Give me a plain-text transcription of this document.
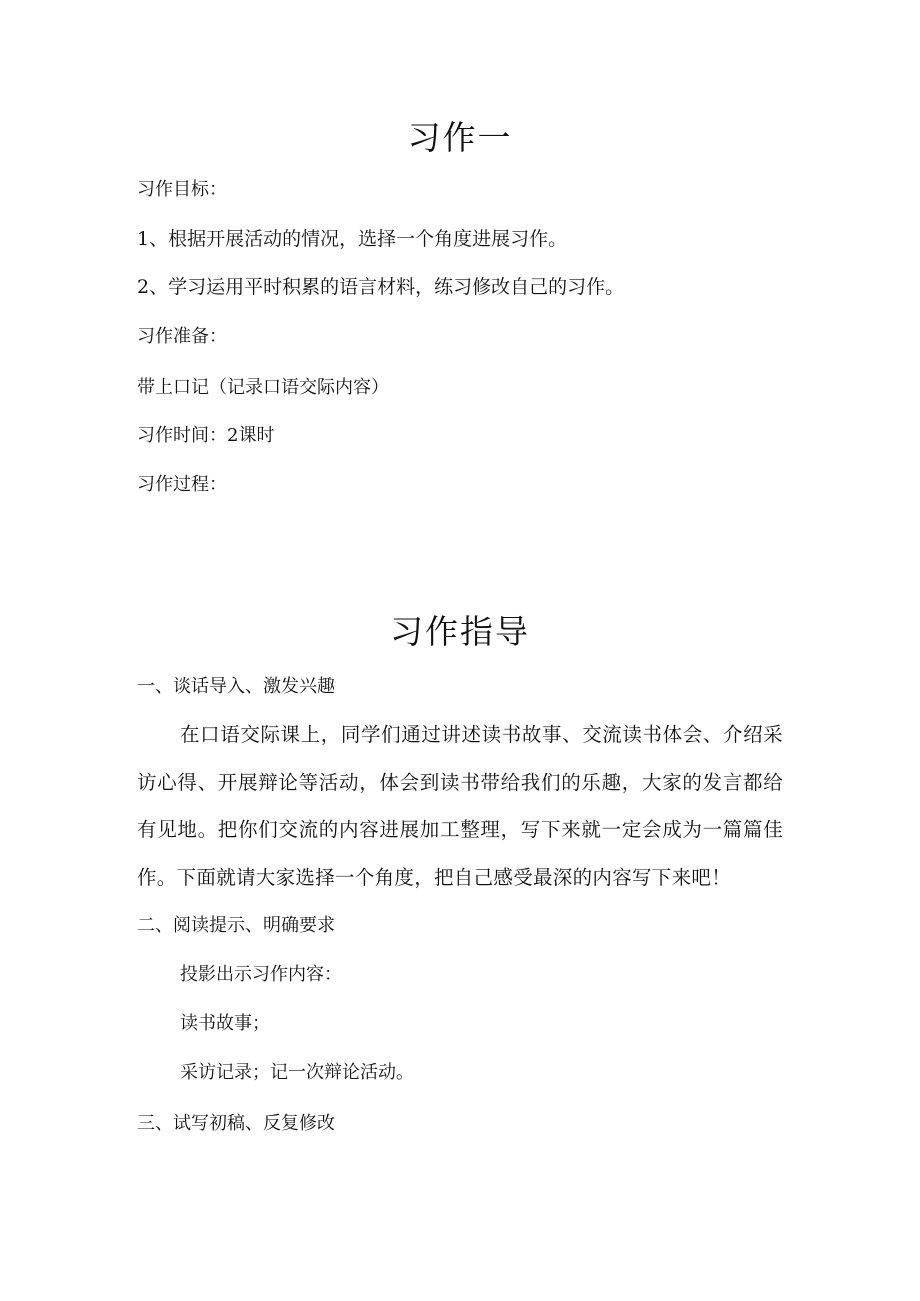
习作一
习作目标：
1、根据开展活动的情况，选择一个角度进展习作。
2、学习运用平时积累的语言材料，练习修改自己的习作。
习作准备：
带上口记（记录口语交际内容）
习作时间：2课时
习作过程：
习作指导
一、谈话导入、激发兴趣
在口语交际课上，同学们通过讲述读书故事、交流读书体会、介绍采访心得、开展辩论等活动，体会到读书带给我们的乐趣，大家的发言都给有见地。把你们交流的内容进展加工整理，写下来就一定会成为一篇篇佳作。下面就请大家选择一个角度，把自己感受最深的内容写下来吧！
二、阅读提示、明确要求
投影出示习作内容：
读书故事；
采访记录；记一次辩论活动。
三、试写初稿、反复修改
